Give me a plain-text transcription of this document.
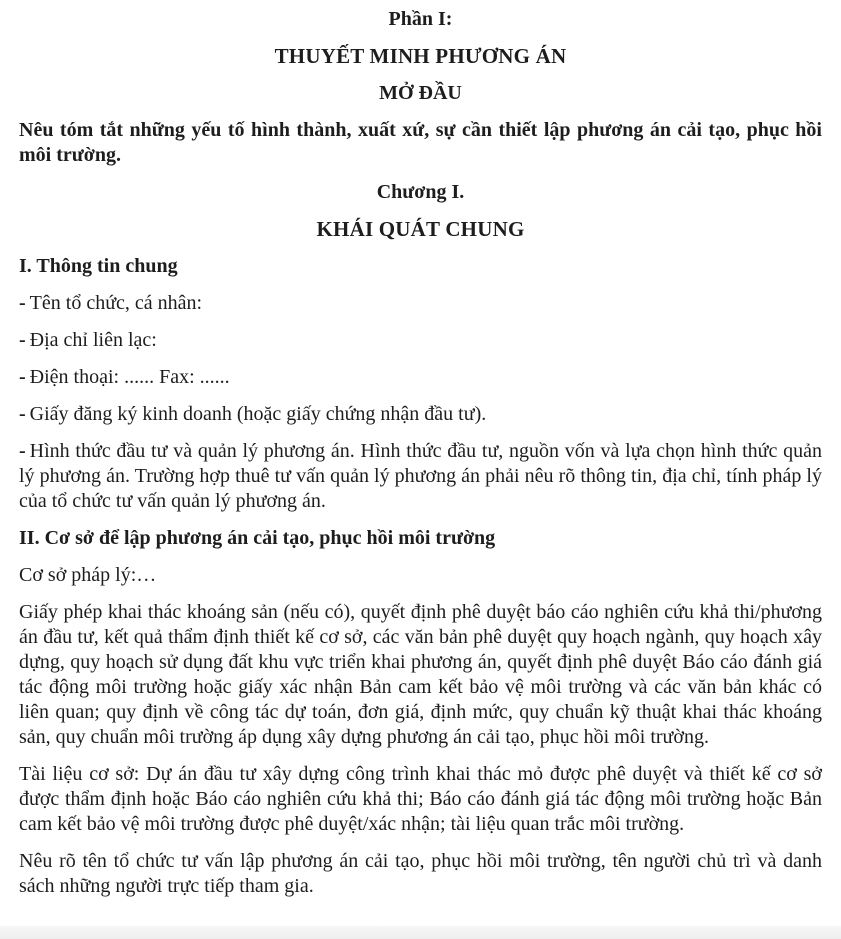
Phần I:

THUYẾT MINH PHƯƠNG ÁN

MỞ ĐẦU

Nêu tóm tắt những yếu tố hình thành, xuất xứ, sự cần thiết lập phương án cải tạo, phục hồi môi trường.

Chương I.

KHÁI QUÁT CHUNG

I. Thông tin chung

- Tên tổ chức, cá nhân:

- Địa chỉ liên lạc:

- Điện thoại: ...... Fax: ......

- Giấy đăng ký kinh doanh (hoặc giấy chứng nhận đầu tư).

- Hình thức đầu tư và quản lý phương án. Hình thức đầu tư, nguồn vốn và lựa chọn hình thức quản lý phương án. Trường hợp thuê tư vấn quản lý phương án phải nêu rõ thông tin, địa chỉ, tính pháp lý của tổ chức tư vấn quản lý phương án.

II. Cơ sở để lập phương án cải tạo, phục hồi môi trường

Cơ sở pháp lý:…

Giấy phép khai thác khoáng sản (nếu có), quyết định phê duyệt báo cáo nghiên cứu khả thi/phương án đầu tư, kết quả thẩm định thiết kế cơ sở, các văn bản phê duyệt quy hoạch ngành, quy hoạch xây dựng, quy hoạch sử dụng đất khu vực triển khai phương án, quyết định phê duyệt Báo cáo đánh giá tác động môi trường hoặc giấy xác nhận Bản cam kết bảo vệ môi trường và các văn bản khác có liên quan; quy định về công tác dự toán, đơn giá, định mức, quy chuẩn kỹ thuật khai thác khoáng sản, quy chuẩn môi trường áp dụng xây dựng phương án cải tạo, phục hồi môi trường.

Tài liệu cơ sở: Dự án đầu tư xây dựng công trình khai thác mỏ được phê duyệt và thiết kế cơ sở được thẩm định hoặc Báo cáo nghiên cứu khả thi; Báo cáo đánh giá tác động môi trường hoặc Bản cam kết bảo vệ môi trường được phê duyệt/xác nhận; tài liệu quan trắc môi trường.

Nêu rõ tên tổ chức tư vấn lập phương án cải tạo, phục hồi môi trường, tên người chủ trì và danh sách những người trực tiếp tham gia.
